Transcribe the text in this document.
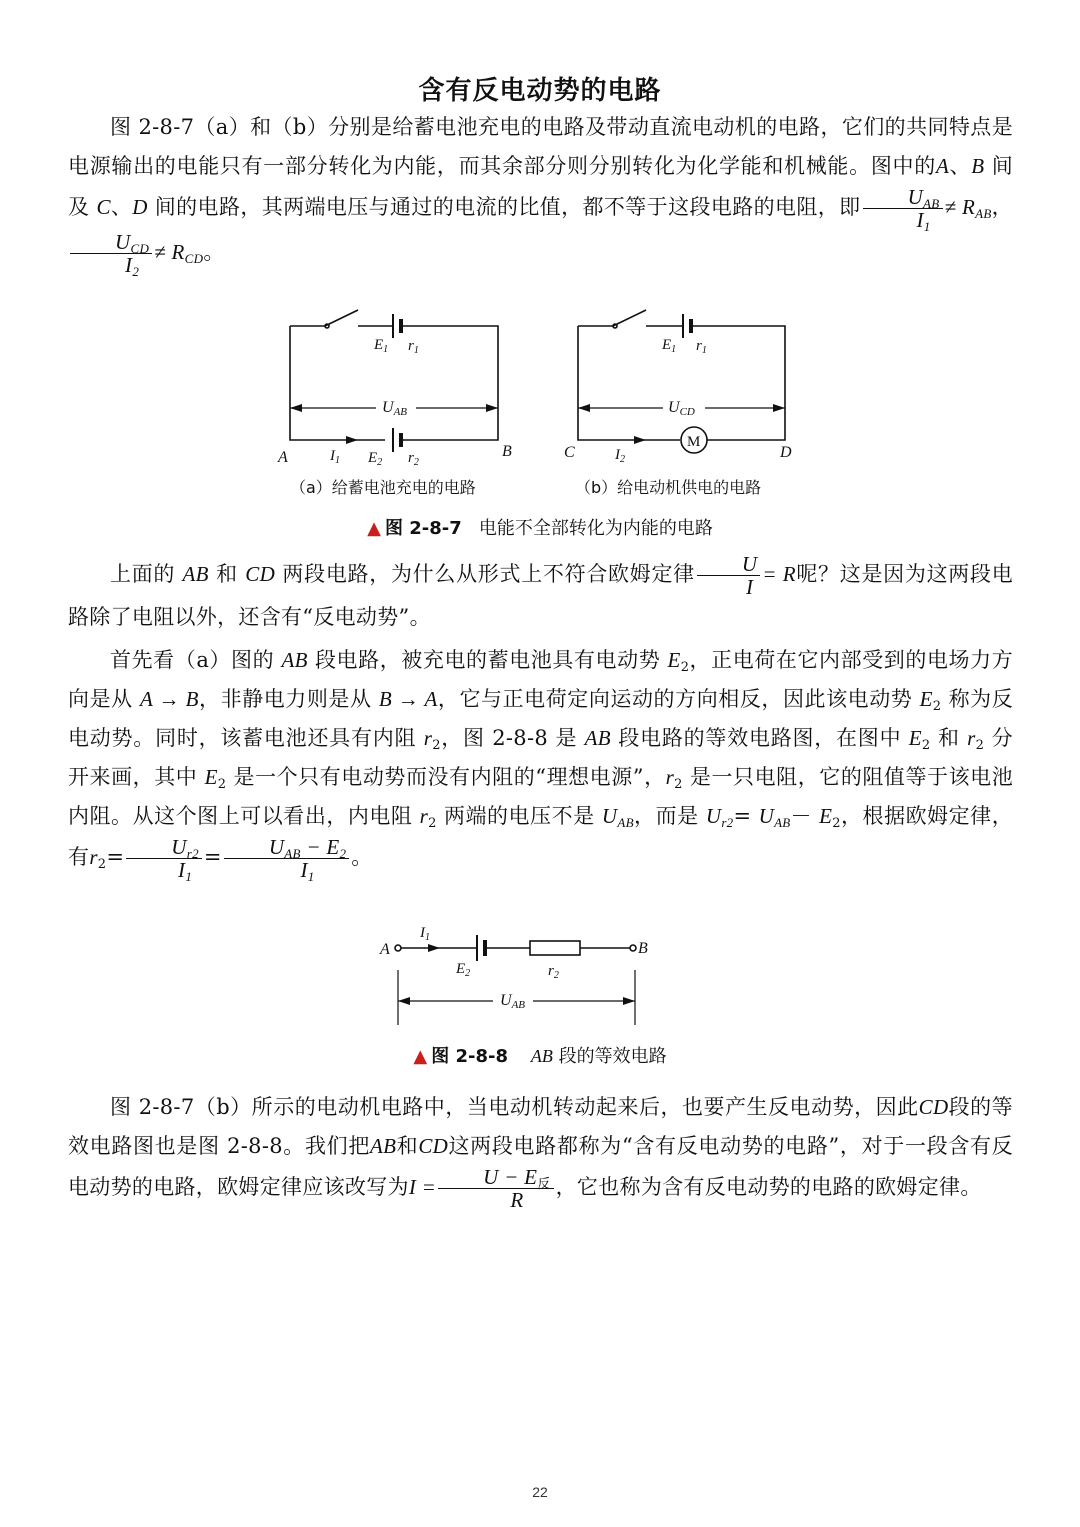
含有反电动势的电路
图 2-8-7（a）和（b）分别是给蓄电池充电的电路及带动直流电动机的电路，它们的共同特点是电源输出的电能只有一部分转化为内能，而其余部分则分别转化为化学能和机械能。图中的A、B 间及 C、D 间的电路，其两端电压与通过的电流的比值，都不等于这段电路的电阻，即 $\frac{U_{AB}}{I_1} \ne R_{AB}$，
$\frac{U_{CD}}{I_2} \ne R_{CD}$。
UAB
$E_1$ $r_1$
A	B
$I_1$ $E_2$ $r_2$
（a）给蓄电池充电的电路
UCD
$E_1$ $r_1$
M
C	D
$I_2$
（b）给电动机供电的电路
▲ 图 2-8-7 电能不全部转化为内能的电路
上面的 AB 和 CD 两段电路，为什么从形式上不符合欧姆定律 $\frac{U}{I} = R$呢？这是因为这两段电路除了电阻以外，还含有“反电动势”。
首先看（a）图的 AB 段电路，被充电的蓄电池具有电动势 $E_2$，正电荷在它内部受到的电场力方向是从 A → B，非静电力则是从 B → A，它与正电荷定向运动的方向相反，因此该电动势 $E_2$ 称为反电动势。同时，该蓄电池还具有内阻 $r_2$，图 2-8-8 是 AB 段电路的等效电路图，在图中 $E_2$ 和 $r_2$ 分开来画，其中 $E_2$ 是一个只有电动势而没有内阻的“理想电源”，$r_2$ 是一只电阻，它的阻值等于该电池内阻。从这个图上可以看出，内电阻 $r_2$ 两端的电压不是 $U_{AB}$，而是 $U_{r2}= U_{AB}- E_2$，根据欧姆定律，有$r_2= \frac{U_{r2}}{I_1} = \frac{U_{AB} - E_2}{I_1}$ 。
A	B
$I_1$
$E_2$	$r_2$
UAB
▲ 图 2-8-8 AB 段的等效电路
图 2-8-7（b）所示的电动机电路中，当电动机转动起来后，也要产生反电动势，因此CD段的等效电路图也是图 2-8-8。我们把AB和CD这两段电路都称为“含有反电动势的电路”，对于一段含有反电动势的电路，欧姆定律应该改写为$I = \frac{U - E_反}{R}$ ，它也称为含有反电动势的电路的欧姆定律。
22
